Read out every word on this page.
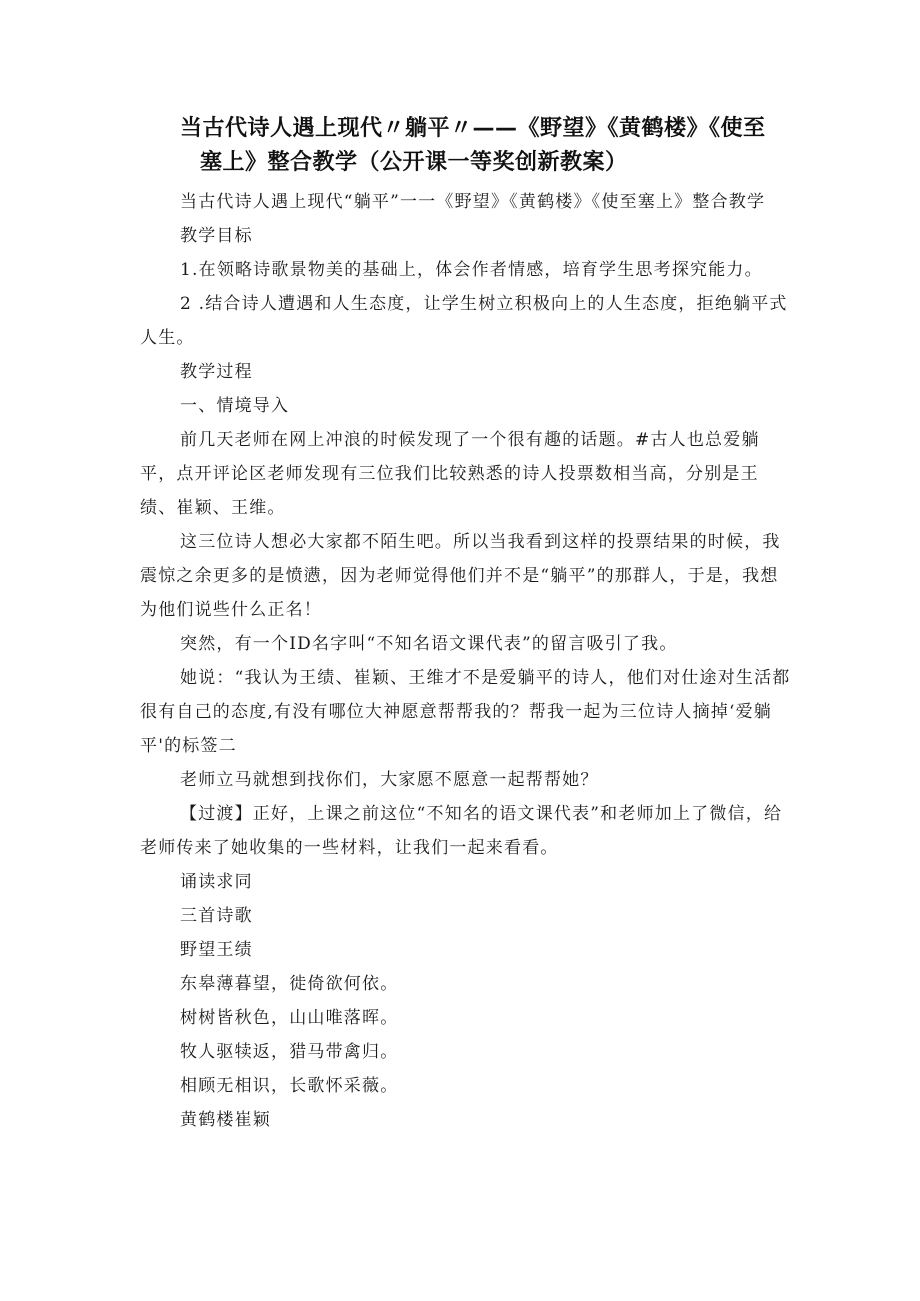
当古代诗人遇上现代〃躺平〃——《野望》《黄鹤楼》《使至
塞上》整合教学（公开课一等奖创新教案）

当古代诗人遇上现代“躺平”一一《野望》《黄鹤楼》《使至塞上》整合教学

教学目标

1.在领略诗歌景物美的基础上，体会作者情感，培育学生思考探究能力。

2 .结合诗人遭遇和人生态度，让学生树立积极向上的人生态度，拒绝躺平式人生。

教学过程

一、情境导入

前几天老师在网上冲浪的时候发现了一个很有趣的话题。#古人也总爱躺平，点开评论区老师发现有三位我们比较熟悉的诗人投票数相当高，分别是王绩、崔颖、王维。

这三位诗人想必大家都不陌生吧。所以当我看到这样的投票结果的时候，我震惊之余更多的是愤懑，因为老师觉得他们并不是“躺平”的那群人，于是，我想为他们说些什么正名！

突然，有一个ID名字叫“不知名语文课代表”的留言吸引了我。

她说：“我认为王绩、崔颖、王维才不是爱躺平的诗人，他们对仕途对生活都很有自己的态度,有没有哪位大神愿意帮帮我的？帮我一起为三位诗人摘掉‘爱躺平'的标签二

老师立马就想到找你们，大家愿不愿意一起帮帮她？

【过渡】正好，上课之前这位“不知名的语文课代表”和老师加上了微信，给老师传来了她收集的一些材料，让我们一起来看看。

诵读求同

三首诗歌

野望王绩

东皋薄暮望，徙倚欲何依。

树树皆秋色，山山唯落晖。

牧人驱犊返，猎马带禽归。

相顾无相识，长歌怀采薇。

黄鹤楼崔颖
